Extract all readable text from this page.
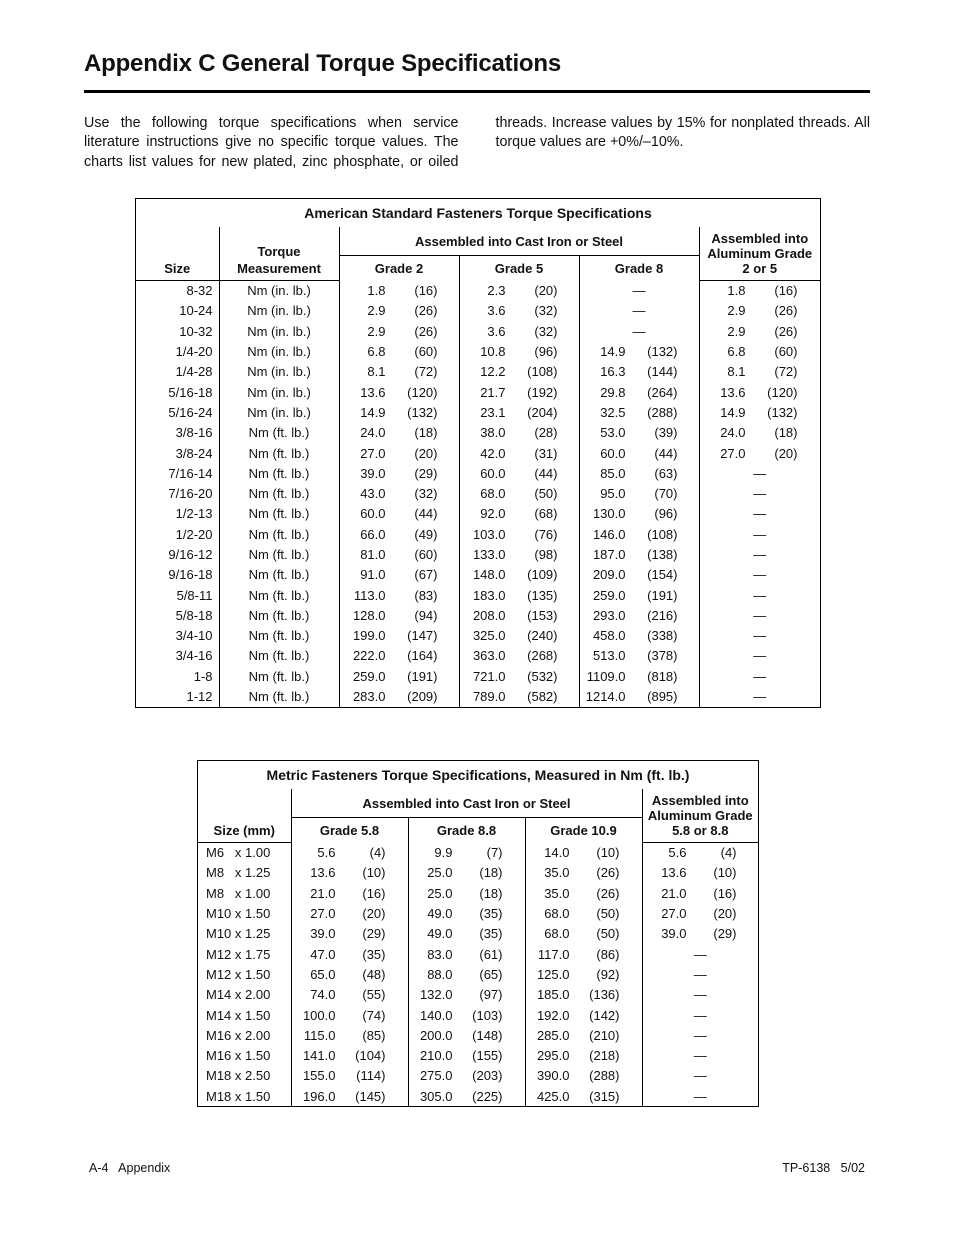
Appendix C General Torque Specifications

Use the following torque specifications when service literature instructions give no specific torque values. The charts list values for new plated, zinc phosphate, or oiled threads. Increase values by 15% for nonplated threads. All torque values are +0%/–10%.

American Standard Fasteners Torque Specifications					
Size	Torque Measurement	Assembled into Cast Iron or Steel			Assembled into Aluminum Grade 2 or 5
		Grade 2	Grade 5	Grade 8	
8-32	Nm (in. lb.)	1.8 (16)	2.3 (20)	—	1.8 (16)
10-24	Nm (in. lb.)	2.9 (26)	3.6 (32)	—	2.9 (26)
10-32	Nm (in. lb.)	2.9 (26)	3.6 (32)	—	2.9 (26)
1/4-20	Nm (in. lb.)	6.8 (60)	10.8 (96)	14.9 (132)	6.8 (60)
1/4-28	Nm (in. lb.)	8.1 (72)	12.2 (108)	16.3 (144)	8.1 (72)
5/16-18	Nm (in. lb.)	13.6 (120)	21.7 (192)	29.8 (264)	13.6 (120)
5/16-24	Nm (in. lb.)	14.9 (132)	23.1 (204)	32.5 (288)	14.9 (132)
3/8-16	Nm (ft. lb.)	24.0 (18)	38.0 (28)	53.0 (39)	24.0 (18)
3/8-24	Nm (ft. lb.)	27.0 (20)	42.0 (31)	60.0 (44)	27.0 (20)
7/16-14	Nm (ft. lb.)	39.0 (29)	60.0 (44)	85.0 (63)	—
7/16-20	Nm (ft. lb.)	43.0 (32)	68.0 (50)	95.0 (70)	—
1/2-13	Nm (ft. lb.)	60.0 (44)	92.0 (68)	130.0 (96)	—
1/2-20	Nm (ft. lb.)	66.0 (49)	103.0 (76)	146.0 (108)	—
9/16-12	Nm (ft. lb.)	81.0 (60)	133.0 (98)	187.0 (138)	—
9/16-18	Nm (ft. lb.)	91.0 (67)	148.0 (109)	209.0 (154)	—
5/8-11	Nm (ft. lb.)	113.0 (83)	183.0 (135)	259.0 (191)	—
5/8-18	Nm (ft. lb.)	128.0 (94)	208.0 (153)	293.0 (216)	—
3/4-10	Nm (ft. lb.)	199.0 (147)	325.0 (240)	458.0 (338)	—
3/4-16	Nm (ft. lb.)	222.0 (164)	363.0 (268)	513.0 (378)	—
1-8	Nm (ft. lb.)	259.0 (191)	721.0 (532)	1109.0 (818)	—
1-12	Nm (ft. lb.)	283.0 (209)	789.0 (582)	1214.0 (895)	—
Metric Fasteners Torque Specifications, Measured in Nm (ft. lb.)				
Size (mm)	Assembled into Cast Iron or Steel			Assembled into Aluminum Grade 5.8 or 8.8
	Grade 5.8	Grade 8.8	Grade 10.9	
M6   x 1.00	5.6 (4)	9.9 (7)	14.0 (10)	5.6 (4)
M8   x 1.25	13.6 (10)	25.0 (18)	35.0 (26)	13.6 (10)
M8   x 1.00	21.0 (16)	25.0 (18)	35.0 (26)	21.0 (16)
M10 x 1.50	27.0 (20)	49.0 (35)	68.0 (50)	27.0 (20)
M10 x 1.25	39.0 (29)	49.0 (35)	68.0 (50)	39.0 (29)
M12 x 1.75	47.0 (35)	83.0 (61)	117.0 (86)	—
M12 x 1.50	65.0 (48)	88.0 (65)	125.0 (92)	—
M14 x 2.00	74.0 (55)	132.0 (97)	185.0 (136)	—
M14 x 1.50	100.0 (74)	140.0 (103)	192.0 (142)	—
M16 x 2.00	115.0 (85)	200.0 (148)	285.0 (210)	—
M16 x 1.50	141.0 (104)	210.0 (155)	295.0 (218)	—
M18 x 2.50	155.0 (114)	275.0 (203)	390.0 (288)	—
M18 x 1.50	196.0 (145)	305.0 (225)	425.0 (315)	—
A-4   Appendix	TP-6138   5/02
